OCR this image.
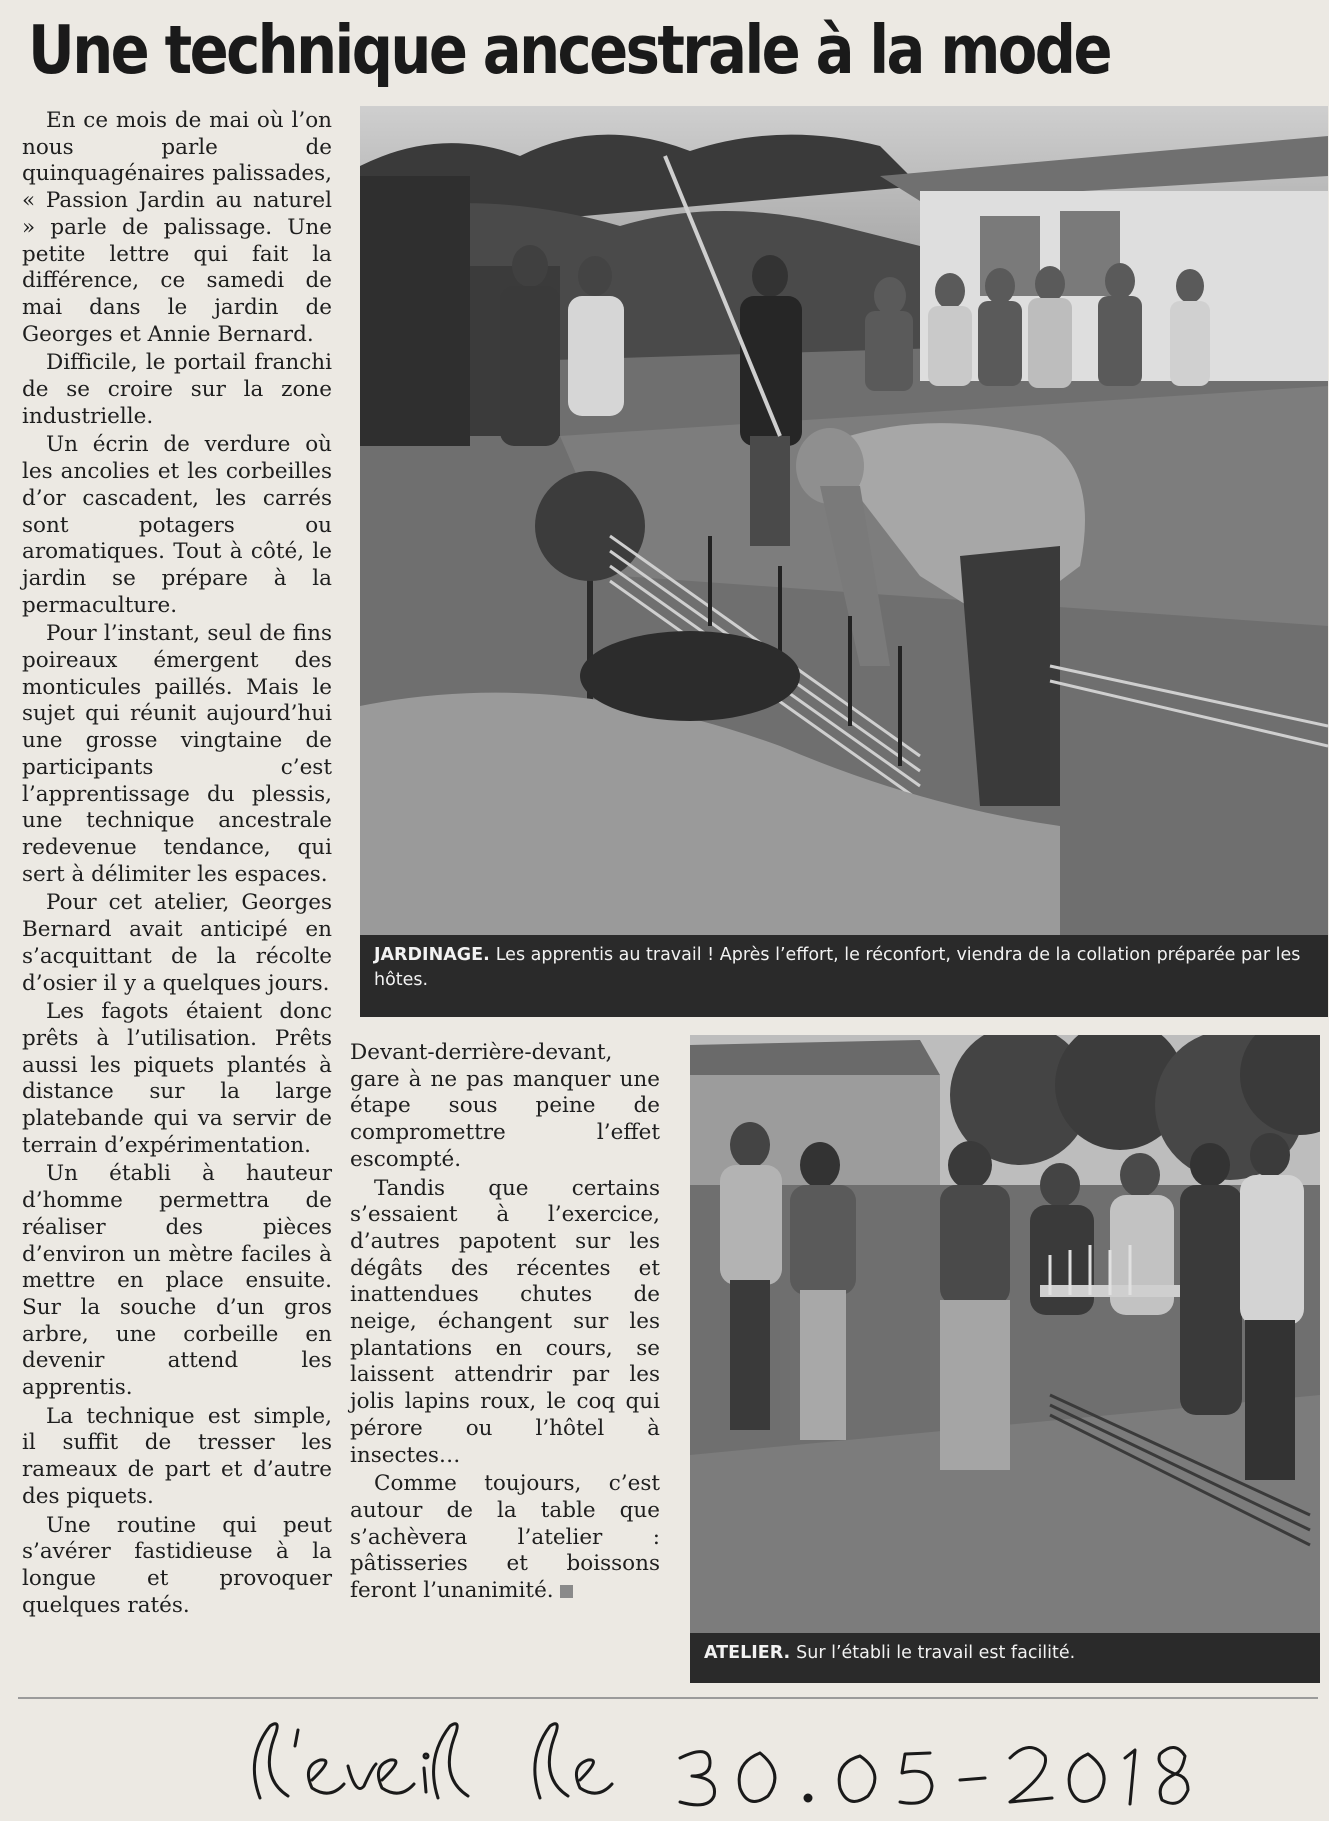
Une technique ancestrale à la mode

En ce mois de mai où l’on nous parle de quinquagénaires palissades, « Passion Jardin au naturel » parle de palissage. Une petite lettre qui fait la différence, ce samedi de mai dans le jardin de Georges et Annie Bernard.

Difficile, le portail franchi de se croire sur la zone industrielle.

Un écrin de verdure où les ancolies et les corbeilles d’or cascadent, les carrés sont potagers ou aromatiques. Tout à côté, le jardin se prépare à la permaculture.

Pour l’instant, seul de fins poireaux émergent des monticules paillés. Mais le sujet qui réunit aujourd’hui une grosse vingtaine de participants c’est l’apprentissage du plessis, une technique ancestrale redevenue tendance, qui sert à délimiter les espaces.

Pour cet atelier, Georges Bernard avait anticipé en s’acquittant de la récolte d’osier il y a quelques jours.

Les fagots étaient donc prêts à l’utilisation. Prêts aussi les piquets plantés à distance sur la large platebande qui va servir de terrain d’expérimentation.

Un établi à hauteur d’homme permettra de réaliser des pièces d’environ un mètre faciles à mettre en place ensuite. Sur la souche d’un gros arbre, une corbeille en devenir attend les apprentis.

La technique est simple, il suffit de tresser les rameaux de part et d’autre des piquets.

Une routine qui peut s’avérer fastidieuse à la longue et provoquer quelques ratés.

Devant-derrière-devant, gare à ne pas manquer une étape sous peine de compromettre l’effet escompté.

Tandis que certains s’essaient à l’exercice, d’autres papotent sur les dégâts des récentes et inattendues chutes de neige, échangent sur les plantations en cours, se laissent attendrir par les jolis lapins roux, le coq qui pérore ou l’hôtel à insectes…

Comme toujours, c’est autour de la table que s’achèvera l’atelier : pâtisseries et boissons feront l’unanimité.

JARDINAGE. Les apprentis au travail ! Après l’effort, le réconfort, viendra de la collation préparée par les hôtes.
ATELIER. Sur l’établi le travail est facilité.
